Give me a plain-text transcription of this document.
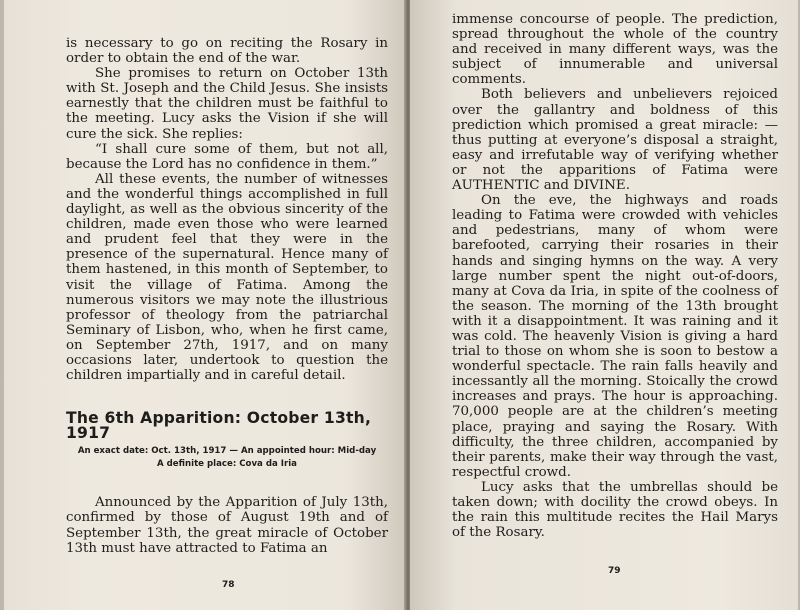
is necessary to go on reciting the Rosary in order to obtain the end of the war.

She promises to return on October 13th with St. Joseph and the Child Jesus. She insists earnestly that the children must be faithful to the meeting. Lucy asks the Vision if she will cure the sick. She replies:

“I shall cure some of them, but not all, because the Lord has no confidence in them.”

All these events, the number of witnesses and the wonderful things accomplished in full daylight, as well as the obvious sincerity of the children, made even those who were learned and prudent feel that they were in the presence of the supernatural. Hence many of them hastened, in this month of September, to visit the village of Fatima. Among the numerous visitors we may note the illustrious professor of theology from the patriarchal Seminary of Lisbon, who, when he first came, on September 27th, 1917, and on many occasions later, undertook to question the children impartially and in careful detail.

The 6th Apparition: October 13th, 1917
An exact date: Oct. 13th, 1917 — An appointed hour: Mid-day
A definite place: Cova da Iria

Announced by the Apparition of July 13th, confirmed by those of August 19th and of September 13th, the great miracle of October 13th must have attracted to Fatima an

immense concourse of people. The prediction, spread throughout the whole of the country and received in many different ways, was the subject of innumerable and universal comments.

Both believers and unbelievers rejoiced over the gallantry and boldness of this prediction which promised a great miracle: — thus putting at everyone’s disposal a straight, easy and irrefutable way of verifying whether or not the apparitions of Fatima were AUTHENTIC and DIVINE.

On the eve, the highways and roads leading to Fatima were crowded with vehicles and pedestrians, many of whom were barefooted, carrying their rosaries in their hands and singing hymns on the way. A very large number spent the night out-of-doors, many at Cova da Iria, in spite of the coolness of the season. The morning of the 13th brought with it a disappointment. It was raining and it was cold. The heavenly Vision is giving a hard trial to those on whom she is soon to bestow a wonderful spectacle. The rain falls heavily and incessantly all the morning. Stoically the crowd increases and prays. The hour is approaching. 70,000 people are at the children’s meeting place, praying and saying the Rosary. With difficulty, the three children, accompanied by their parents, make their way through the vast, respectful crowd.

Lucy asks that the umbrellas should be taken down; with docility the crowd obeys. In the rain this multitude recites the Hail Marys of the Rosary.

78
79
